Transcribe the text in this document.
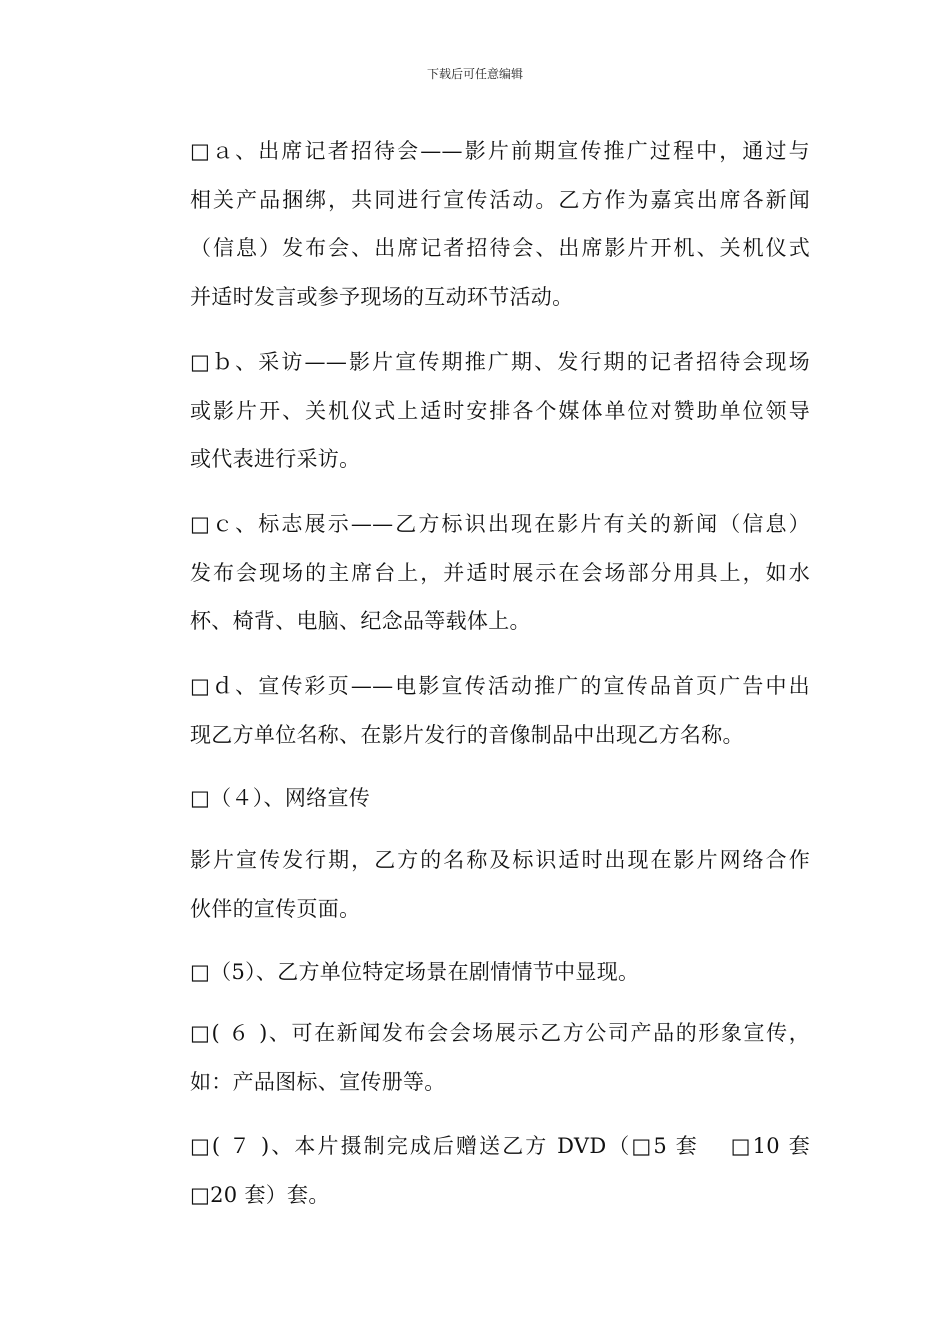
下载后可任意编辑
□ａ、出席记者招待会——影片前期宣传推广过程中，通过与
相关产品捆绑，共同进行宣传活动。乙方作为嘉宾出席各新闻
（信息）发布会、出席记者招待会、出席影片开机、关机仪式
并适时发言或参予现场的互动环节活动。
□ｂ、采访——影片宣传期推广期、发行期的记者招待会现场
或影片开、关机仪式上适时安排各个媒体单位对赞助单位领导
或代表进行采访。
□ｃ、标志展示——乙方标识出现在影片有关的新闻（信息）
发布会现场的主席台上，并适时展示在会场部分用具上，如水
杯、椅背、电脑、纪念品等载体上。
□ｄ、宣传彩页——电影宣传活动推广的宣传品首页广告中出
现乙方单位名称、在影片发行的音像制品中出现乙方名称。
□（４）、网络宣传
影片宣传发行期，乙方的名称及标识适时出现在影片网络合作
伙伴的宣传页面。
□（5）、乙方单位特定场景在剧情情节中显现。
□( ６ )、可在新闻发布会会场展示乙方公司产品的形象宣传，
如：产品图标、宣传册等。
□( ７ )、本片摄制完成后赠送乙方 DVD（□5 套　 □10 套
□20 套）套。
